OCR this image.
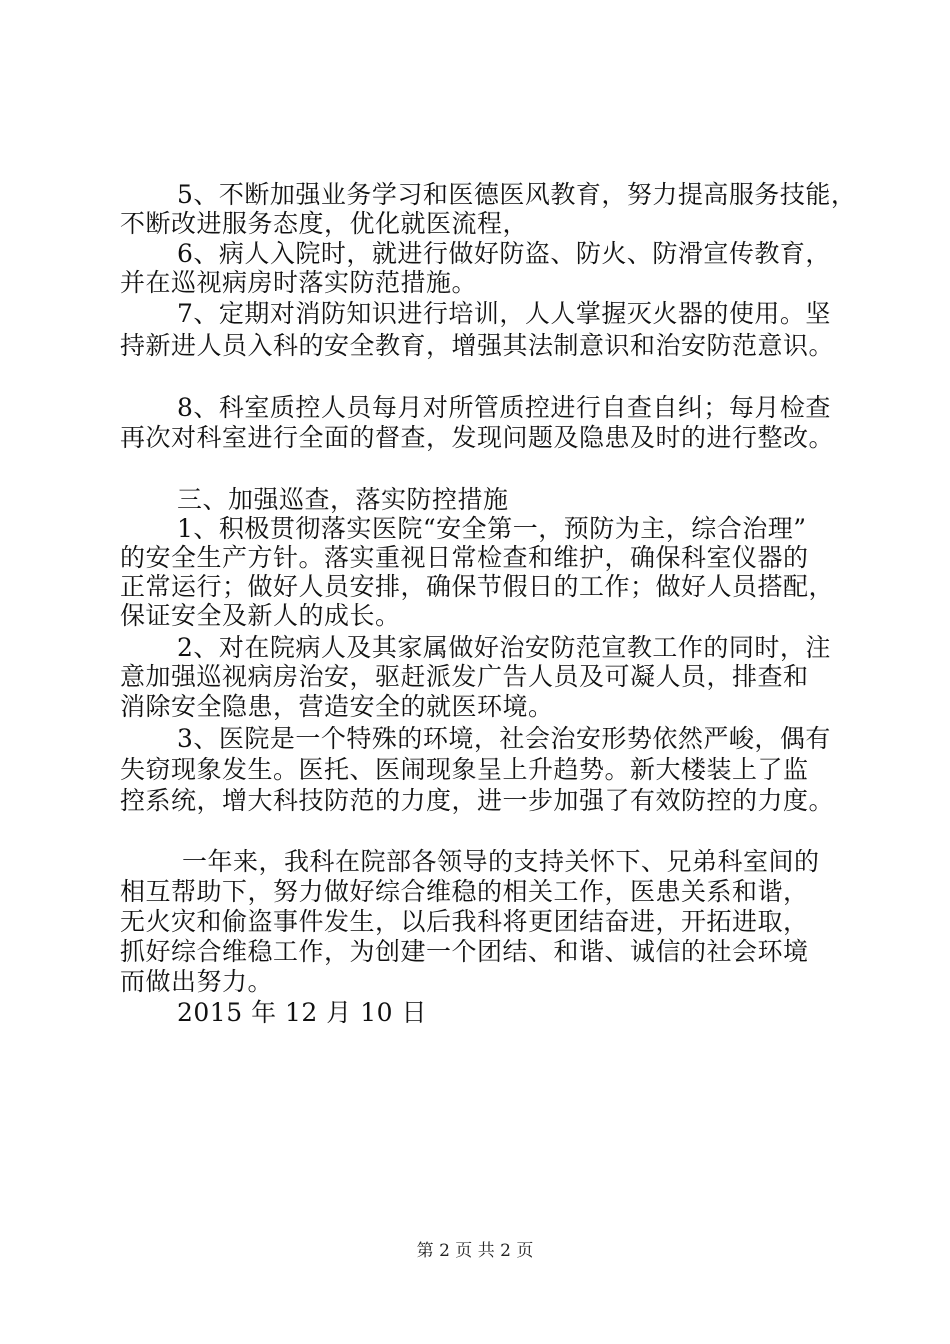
5、不断加强业务学习和医德医风教育，努力提高服务技能，
不断改进服务态度，优化就医流程，
6、病人入院时，就进行做好防盗、防火、防滑宣传教育，
并在巡视病房时落实防范措施。
7、定期对消防知识进行培训，人人掌握灭火器的使用。坚
持新进人员入科的安全教育，增强其法制意识和治安防范意识。
8、科室质控人员每月对所管质控进行自查自纠；每月检查
再次对科室进行全面的督查，发现问题及隐患及时的进行整改。
三、加强巡查，落实防控措施
1、积极贯彻落实医院“安全第一，预防为主，综合治理”
的安全生产方针。落实重视日常检查和维护，确保科室仪器的
正常运行；做好人员安排，确保节假日的工作；做好人员搭配，
保证安全及新人的成长。
2、对在院病人及其家属做好治安防范宣教工作的同时，注
意加强巡视病房治安，驱赶派发广告人员及可凝人员，排查和
消除安全隐患，营造安全的就医环境。
3、医院是一个特殊的环境，社会治安形势依然严峻，偶有
失窃现象发生。医托、医闹现象呈上升趋势。新大楼装上了监
控系统，增大科技防范的力度，进一步加强了有效防控的力度。
一年来，我科在院部各领导的支持关怀下、兄弟科室间的
相互帮助下，努力做好综合维稳的相关工作，医患关系和谐，
无火灾和偷盗事件发生，以后我科将更团结奋进，开拓进取，
抓好综合维稳工作，为创建一个团结、和谐、诚信的社会环境
而做出努力。
2015 年 12 月 10 日
第 2 页 共 2 页
